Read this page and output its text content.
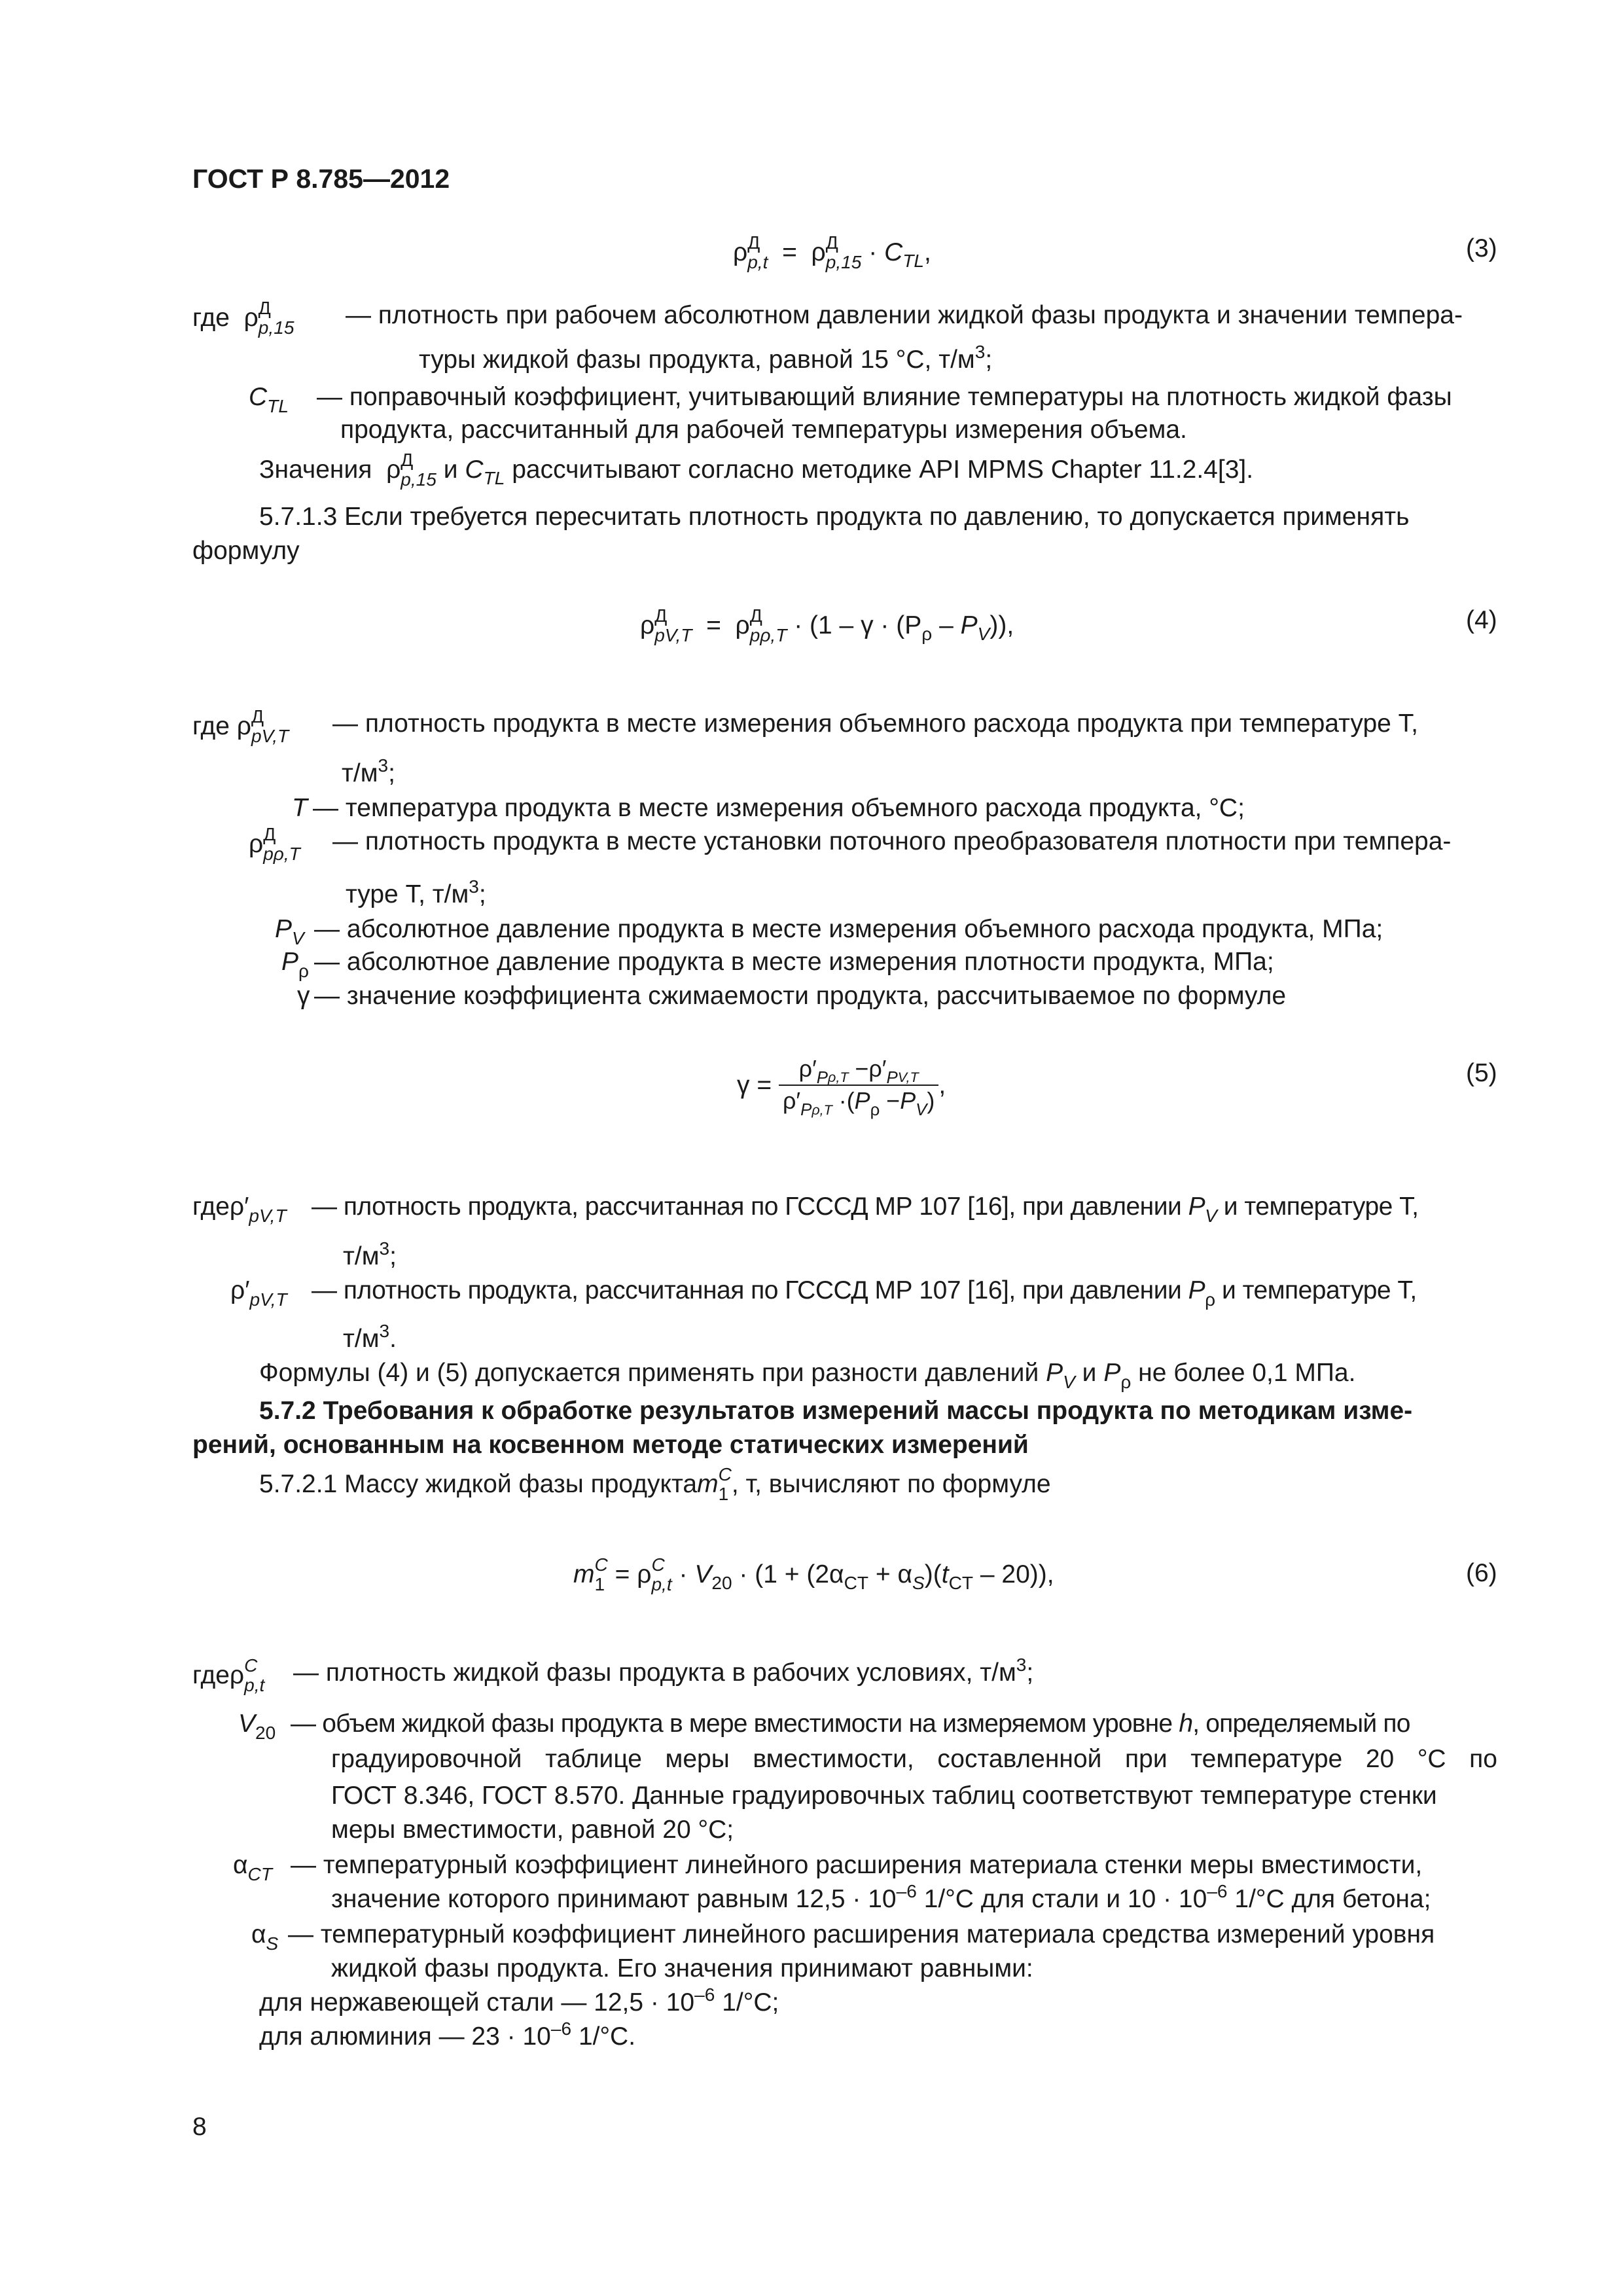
ГОСТ Р 8.785—2012
ρ Д
p,t = ρ Д
$p,15 \cdot C_{TL}$,	(3)
где ρ Д
p,15 — плотность при рабочем абсолютном давлении жидкой фазы продукта и значении темпера-
туры жидкой фазы продукта, равной 15 °С, $т/м^3$;
$C_{TL}$ — поправочный коэффициент, учитывающий влияние температуры на плотность жидкой фазы
продукта, рассчитанный для рабочей температуры измерения объема.
Значения ρ Д
p,15 и $C_{TL}$ рассчитывают согласно методике API MPMS Chapter 11.2.4[3].
5.7.1.3 Если требуется пересчитать плотность продукта по давлению, то допускается применять
формулу
ρ Д
pV,T = ρ Д
$p\rho,T \cdot (1 - \gamma \cdot (P_\rho - P_V))$,	(4)
где ρ Д
pV,T — плотность продукта в месте измерения объемного расхода продукта при температуре Т,
$т/м^3$;
T — температура продукта в месте измерения объемного расхода продукта, °С;
ρ Д
pρ,T — плотность продукта в месте установки поточного преобразователя плотности при темпера-
туре Т, $т/м^3$;
$P_V$ — абсолютное давление продукта в месте измерения объемного расхода продукта, МПа;
$P_\rho$ — абсолютное давление продукта в месте измерения плотности продукта, МПа;
γ — значение коэффициента сжимаемости продукта, рассчитываемое по формуле
$\gamma = \frac{\rho'_{P\rho,T} -\rho'_{PV,T}}{\rho'_{P\rho,T} \cdot(P_\rho -P_V)}$ ,	(5)
$где\rho'_{pV,T}$ — плотность продукта, рассчитанная по ГСССД МР 107 [16], при давлении $P_V$ и температуре Т,
$т/м^3$;
$\rho'_{pV,T}$ — плотность продукта, рассчитанная по ГСССД МР 107 [16], при давлении $P_\rho$ и температуре Т,
$т/м^3$.
Формулы (4) и (5) допускается применять при разности давлений $P_V$ и $P_\rho$ не более 0,1 МПа.
5.7.2 Требования к обработке результатов измерений массы продукта по методикам изме-
рений, основанным на косвенном методе статических измерений
5.7.2.1 Массу жидкой фазы продуктаm C
1 , т, вычисляют по формуле
m C
1 = ρ C
$p,t \cdot V_{20} \cdot (1 + (2\alpha_{CT} + \alpha_S)(t_{CT} - 20))$,	(6)
гдеρ C
p,t — плотность жидкой фазы продукта в рабочих условиях, $т/м^3$;
$V_{20}$ — объем жидкой фазы продукта в мере вместимости на измеряемом уровне h, определяемый по
градуировочной таблице меры вместимости, составленной при температуре 20 °С по
ГОСТ 8.346, ГОСТ 8.570. Данные градуировочных таблиц соответствуют температуре стенки
меры вместимости, равной 20 °С;
$\alpha_{CT}$ — температурный коэффициент линейного расширения материала стенки меры вместимости,
значение которого принимают равным $12,5 \cdot 10^{-6}$ 1/°С для стали и $10 \cdot 10^{-6}$ 1/°С для бетона;
$\alpha_S$ — температурный коэффициент линейного расширения материала средства измерений уровня
жидкой фазы продукта. Его значения принимают равными:
для нержавеющей стали — $12,5 \cdot 10^{-6}$ 1/°С;
для алюминия — $23 \cdot 10^{-6}$ 1/°С.
8
